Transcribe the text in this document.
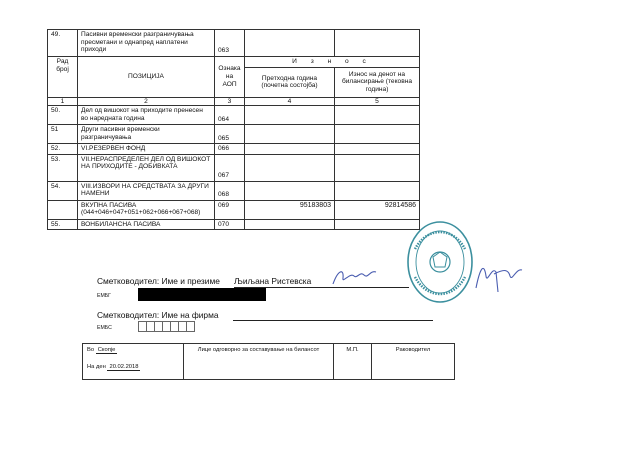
49.	Пасивни временски разграничувања пресметани и однапред наплатени приходи	063		
Рад број	ПОЗИЦИЈА	Ознака на АОП	И з н о с	
			Претходна година (почетна состојба)	Износ на денот на билансирање (тековна година)
1	2	3	4	5
50.	Дел од вишокот на приходите пренесен во наредната година	064		
51	Други пасивни временски разграничувања	065		
52.	VI.РЕЗЕРВЕН ФОНД	066		
53.	VII.НЕРАСПРЕДЕЛЕН ДЕЛ ОД ВИШОКОТ НА ПРИХОДИТЕ - ДОБИВКАТА	067		
54.	VIII.ИЗВОРИ НА СРЕДСТВАТА ЗА ДРУГИ НАМЕНИ	068		
	ВКУПНА ПАСИВА (044+046+047+051+062+066+067+068)	069	95183803	92814586
55.	ВОНБИЛАНСНА ПАСИВА	070		
Сметководител: Име и презиме Љиљана Ристевска
ЕМБГ
Сметководител: Име на фирма
ЕМБС
Во Скопје
На ден 20.02.2018
	Лице одговорно за составување на билансот	М.П.	Раководител
